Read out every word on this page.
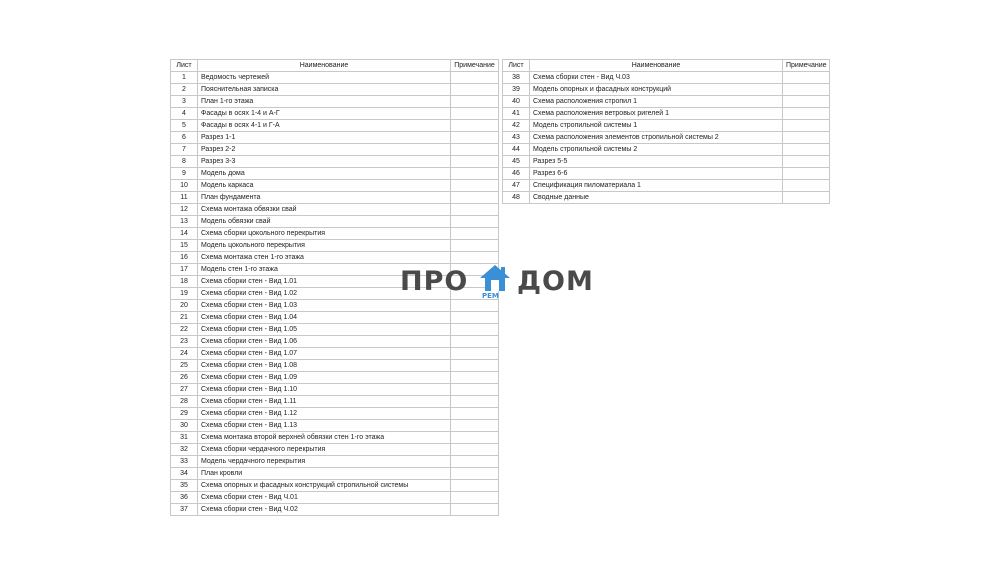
Лист	Наименование	Примечание
1	Ведомость чертежей	
2	Пояснительная записка	
3	План 1-го этажа	
4	Фасады в осях 1-4 и А-Г	
5	Фасады в осях 4-1 и Г-А	
6	Разрез 1-1	
7	Разрез 2-2	
8	Разрез 3-3	
9	Модель дома	
10	Модель каркаса	
11	План фундамента	
12	Схема монтажа обвязки свай	
13	Модель обвязки свай	
14	Схема сборки цокольного перекрытия	
15	Модель цокольного перекрытия	
16	Схема монтажа стен 1-го этажа	
17	Модель стен 1-го этажа	
18	Схема сборки стен - Вид 1.01	
19	Схема сборки стен - Вид 1.02	
20	Схема сборки стен - Вид 1.03	
21	Схема сборки стен - Вид 1.04	
22	Схема сборки стен - Вид 1.05	
23	Схема сборки стен - Вид 1.06	
24	Схема сборки стен - Вид 1.07	
25	Схема сборки стен - Вид 1.08	
26	Схема сборки стен - Вид 1.09	
27	Схема сборки стен - Вид 1.10	
28	Схема сборки стен - Вид 1.11	
29	Схема сборки стен - Вид 1.12	
30	Схема сборки стен - Вид 1.13	
31	Схема монтажа второй верхней обвязки стен 1-го этажа	
32	Схема сборки чердачного перекрытия	
33	Модель чердачного перекрытия	
34	План кровли	
35	Схема опорных и фасадных конструкций стропильной системы	
36	Схема сборки стен - Вид Ч.01	
37	Схема сборки стен - Вид Ч.02	
Лист	Наименование	Примечание
38	Схема сборки стен - Вид Ч.03	
39	Модель опорных и фасадных конструкций	
40	Схема расположения стропил 1	
41	Схема расположения ветровых ригелей 1	
42	Модель стропильной системы 1	
43	Схема расположения элементов стропильной системы 2	
44	Модель стропильной системы 2	
45	Разрез 5-5	
46	Разрез 6-6	
47	Спецификация пиломатериала 1	
48	Сводные данные	
ПРО РЕМ ДОМ
